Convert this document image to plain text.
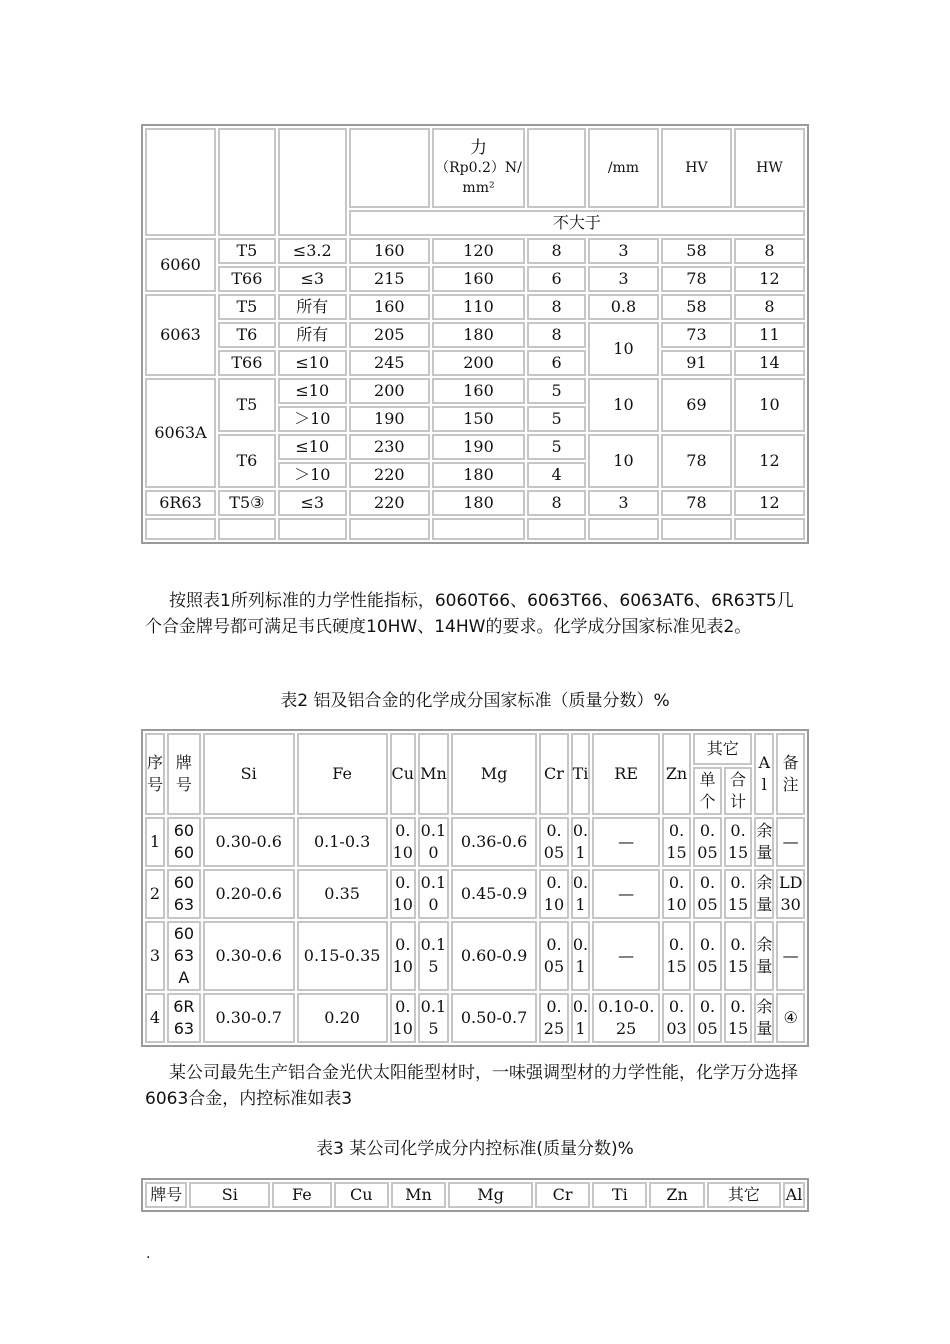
				力
（Rp0.2）N/
mm²		/mm	HV	HW
			不大于					
6060	T5	≤3.2	160	120	8	3	58	8
	T66	≤3	215	160	6	3	78	12
6063	T5	所有	160	110	8	0.8	58	8
	T6	所有	205	180	8	10	73	11
	T66	≤10	245	200	6		91	14
6063A	T5	≤10	200	160	5	10	69	10
		＞10	190	150	5			
	T6	≤10	230	190	5	10	78	12
		＞10	220	180	4			
6R63	T5③	≤3	220	180	8	3	78	12

按照表1所列标准的力学性能指标，6060T66、6063T66、6063AT6、6R63T5几个合金牌号都可满足韦氏硬度10HW、14HW的要求。化学成分国家标准见表2。
表2 铝及铝合金的化学成分国家标准（质量分数）%
序号	牌号	Si	Fe	Cu	Mn	Mg	Cr	Ti	RE	Zn	其它		Al	备注
											单个	合计		
1	6060	0.30-0.6	0.1-0.3	0.10	0.10	0.36-0.6	0.05	0.1	—	0.15	0.05	0.15	余量	—
2	6063	0.20-0.6	0.35	0.10	0.10	0.45-0.9	0.10	0.1	—	0.10	0.05	0.15	余量	LD30
3	6063A	0.30-0.6	0.15-0.35	0.10	0.15	0.60-0.9	0.05	0.1	—	0.15	0.05	0.15	余量	—
4	6R63	0.30-0.7	0.20	0.10	0.15	0.50-0.7	0.25	0.1	0.10-0.25	0.03	0.05	0.15	余量	④
某公司最先生产铝合金光伏太阳能型材时，一味强调型材的力学性能，化学万分选择6063合金，内控标准如表3
表3 某公司化学成分内控标准(质量分数)%
牌号	Si	Fe	Cu	Mn	Mg	Cr	Ti	Zn	其它	Al
.
